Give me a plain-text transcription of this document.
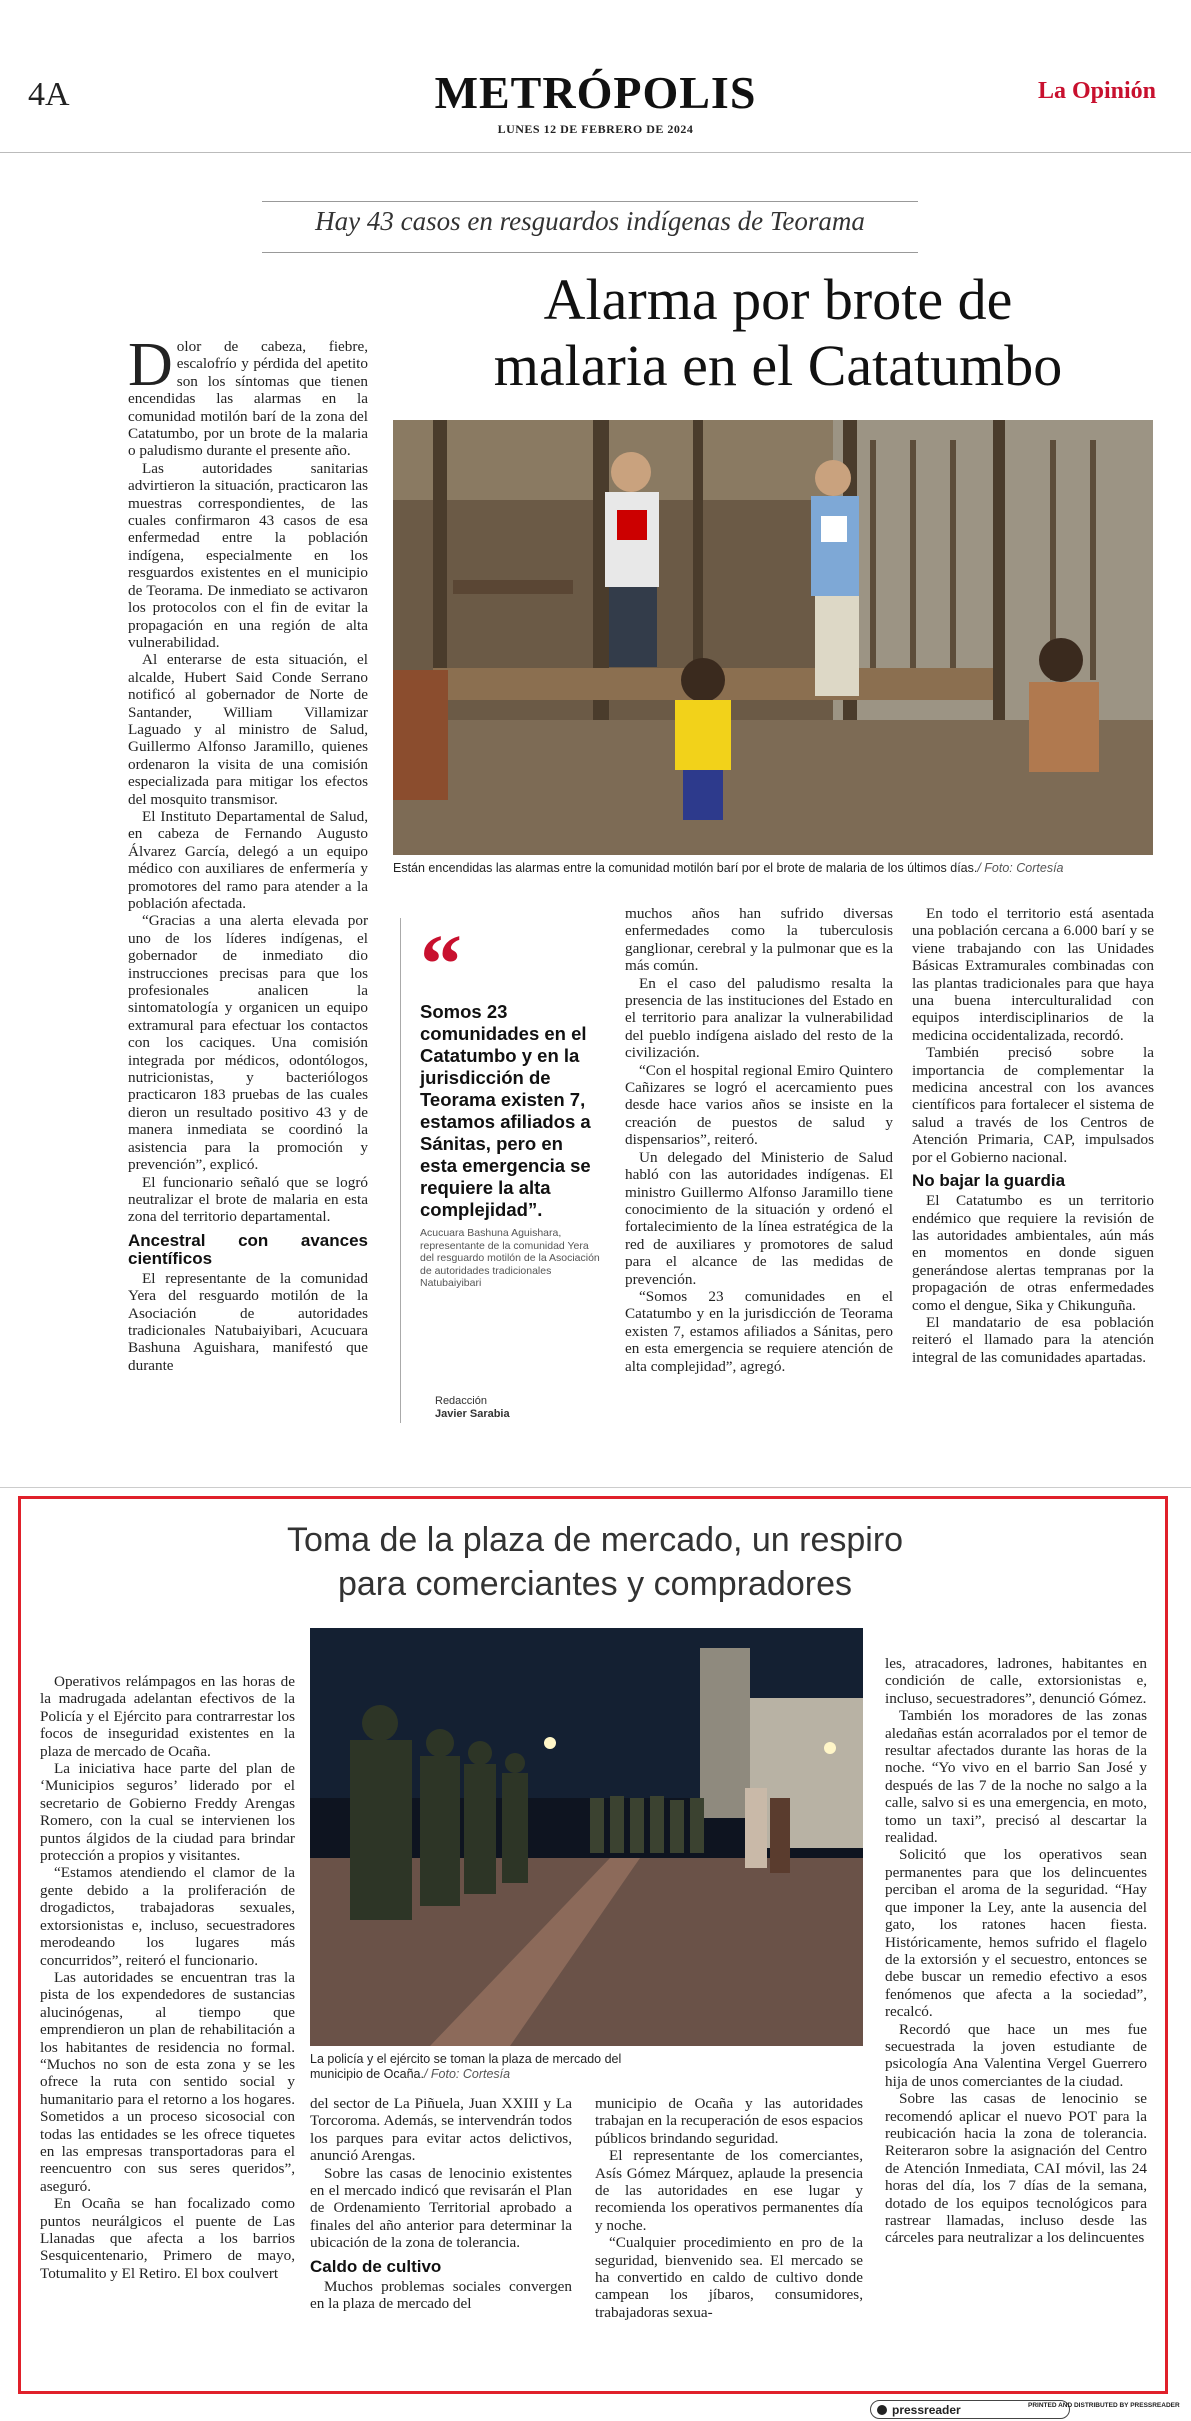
4A	METRÓPOLIS
LUNES 12 DE FEBRERO DE 2024
La Opinión
Hay 43 casos en resguardos indígenas de Teorama
Alarma por brote de
malaria en el Catatumbo
Están encendidas las alarmas entre la comunidad motilón barí por el brote de malaria de los últimos días./ Foto: Cortesía
D olor de cabeza, fiebre, escalofrío y pérdida del apetito son los síntomas que tienen encendidas las alarmas en la comunidad motilón barí de la zona del Catatumbo, por un brote de la malaria o paludismo durante el presente año.

Las autoridades sanitarias advirtieron la situación, practicaron las muestras correspondientes, de las cuales confirmaron 43 casos de esa enfermedad entre la población indígena, especialmente en los resguardos existentes en el municipio de Teorama. De inmediato se activaron los protocolos con el fin de evitar la propagación en una región de alta vulnerabilidad.

Al enterarse de esta situación, el alcalde, Hubert Said Conde Serrano notificó al gobernador de Norte de Santander, William Villamizar Laguado y al ministro de Salud, Guillermo Alfonso Jaramillo, quienes ordenaron la visita de una comisión especializada para mitigar los efectos del mosquito transmisor.

El Instituto Departamental de Salud, en cabeza de Fernando Augusto Álvarez García, delegó a un equipo médico con auxiliares de enfermería y promotores del ramo para atender a la población afectada.

“Gracias a una alerta elevada por uno de los líderes indígenas, el gobernador de inmediato dio instrucciones precisas para que los profesionales analicen la sintomatología y organicen un equipo extramural para efectuar los contactos con los caciques. Una comisión integrada por médicos, odontólogos, nutricionistas, y bacteriólogos practicaron 183 pruebas de las cuales dieron un resultado positivo 43 y de manera inmediata se coordinó la asistencia para la promoción y prevención”, explicó.

El funcionario señaló que se logró neutralizar el brote de malaria en esta zona del territorio departamental.

Ancestral con avances científicos

El representante de la comunidad Yera del resguardo motilón de la Asociación de autoridades tradicionales Natubaiyibari, Acucuara Bashuna Aguishara, manifestó que durante

“
Somos 23 comunidades en el Catatumbo y en la jurisdicción de Teorama existen 7, estamos afiliados a Sánitas, pero en esta emergencia se requiere la alta complejidad”.
Acucuara Bashuna Aguishara, representante de la comunidad Yera del resguardo motilón de la Asociación de autoridades tradicionales Natubaiyibari
Redacción
Javier Sarabia

muchos años han sufrido diversas enfermedades como la tuberculosis ganglionar, cerebral y la pulmonar que es la más común.

En el caso del paludismo resalta la presencia de las instituciones del Estado en el territorio para analizar la vulnerabilidad del pueblo indígena aislado del resto de la civilización.

“Con el hospital regional Emiro Quintero Cañizares se logró el acercamiento pues desde hace varios años se insiste en la creación de puestos de salud y dispensarios”, reiteró.

Un delegado del Ministerio de Salud habló con las autoridades indígenas. El ministro Guillermo Alfonso Jaramillo tiene conocimiento de la situación y ordenó el fortalecimiento de la línea estratégica de la red de auxiliares y promotores de salud para el alcance de las medidas de prevención.

“Somos 23 comunidades en el Catatumbo y en la jurisdicción de Teorama existen 7, estamos afiliados a Sánitas, pero en esta emergencia se requiere atención de alta complejidad”, agregó.

En todo el territorio está asentada una población cercana a 6.000 barí y se viene trabajando con las Unidades Básicas Extramurales combinadas con las plantas tradicionales para que haya una buena interculturalidad con equipos interdisciplinarios de la medicina occidentalizada, recordó.

También precisó sobre la importancia de complementar la medicina ancestral con los avances científicos para fortalecer el sistema de salud a través de los Centros de Atención Primaria, CAP, impulsados por el Gobierno nacional.

No bajar la guardia

El Catatumbo es un territorio endémico que requiere la revisión de las autoridades ambientales, aún más en momentos en donde siguen generándose alertas tempranas por la propagación de otras enfermedades como el dengue, Sika y Chikunguña.

El mandatario de esa población reiteró el llamado para la atención integral de las comunidades apartadas.

Toma de la plaza de mercado, un respiro
para comerciantes y compradores
La policía y el ejército se toman la plaza de mercado del municipio de Ocaña./ Foto: Cortesía

Operativos relámpagos en las horas de la madrugada adelantan efectivos de la Policía y el Ejército para contrarrestar los focos de inseguridad existentes en la plaza de mercado de Ocaña.

La iniciativa hace parte del plan de ‘Municipios seguros’ liderado por el secretario de Gobierno Freddy Arengas Romero, con la cual se intervienen los puntos álgidos de la ciudad para brindar protección a propios y visitantes.

“Estamos atendiendo el clamor de la gente debido a la proliferación de drogadictos, trabajadoras sexuales, extorsionistas e, incluso, secuestradores merodeando los lugares más concurridos”, reiteró el funcionario.

Las autoridades se encuentran tras la pista de los expendedores de sustancias alucinógenas, al tiempo que emprendieron un plan de rehabilitación a los habitantes de residencia no formal. “Muchos no son de esta zona y se les ofrece la ruta con sentido social y humanitario para el retorno a los hogares. Sometidos a un proceso sicosocial con todas las entidades se les ofrece tiquetes en las empresas transportadoras para el reencuentro con sus seres queridos”, aseguró.

En Ocaña se han focalizado como puntos neurálgicos el puente de Las Llanadas que afecta a los barrios Sesquicentenario, Primero de mayo, Totumalito y El Retiro. El box coulvert

del sector de La Piñuela, Juan XXIII y La Torcoroma. Además, se intervendrán todos los parques para evitar actos delictivos, anunció Arengas.

Sobre las casas de lenocinio existentes en el mercado indicó que revisarán el Plan de Ordenamiento Territorial aprobado a finales del año anterior para determinar la ubicación de la zona de tolerancia.

Caldo de cultivo

Muchos problemas sociales convergen en la plaza de mercado del

municipio de Ocaña y las autoridades trabajan en la recuperación de esos espacios públicos brindando seguridad.

El representante de los comerciantes, Asís Gómez Márquez, aplaude la presencia de las autoridades en ese lugar y recomienda los operativos permanentes día y noche.

“Cualquier procedimiento en pro de la seguridad, bienvenido sea. El mercado se ha convertido en caldo de cultivo donde campean los jíbaros, consumidores, trabajadoras sexua-

les, atracadores, ladrones, habitantes en condición de calle, extorsionistas e, incluso, secuestradores”, denunció Gómez.

También los moradores de las zonas aledañas están acorralados por el temor de resultar afectados durante las horas de la noche. “Yo vivo en el barrio San José y después de las 7 de la noche no salgo a la calle, salvo si es una emergencia, en moto, tomo un taxi”, precisó al descartar la realidad.

Solicitó que los operativos sean permanentes para que los delincuentes perciban el aroma de la seguridad. “Hay que imponer la Ley, ante la ausencia del gato, los ratones hacen fiesta. Históricamente, hemos sufrido el flagelo de la extorsión y el secuestro, entonces se debe buscar un remedio efectivo a esos fenómenos que afecta a la sociedad”, recalcó.

Recordó que hace un mes fue secuestrada la joven estudiante de psicología Ana Valentina Vergel Guerrero hija de unos comerciantes de la ciudad.

Sobre las casas de lenocinio se recomendó aplicar el nuevo POT para la reubicación hacia la zona de tolerancia. Reiteraron sobre la asignación del Centro de Atención Inmediata, CAI móvil, las 24 horas del día, los 7 días de la semana, dotado de los equipos tecnológicos para rastrear llamadas, incluso desde las cárceles para neutralizar a los delincuentes

pressreader	PRINTED AND DISTRIBUTED BY PRESSREADER
